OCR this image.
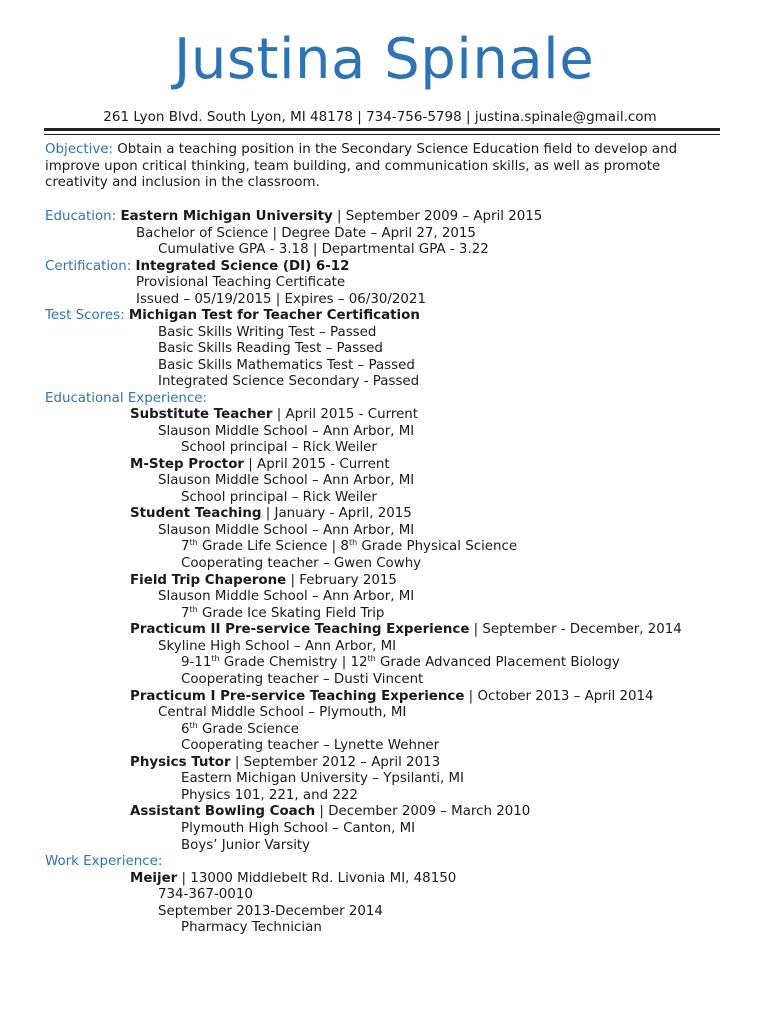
Justina Spinale
261 Lyon Blvd. South Lyon, MI 48178 | 734-756-5798 | justina.spinale@gmail.com
Objective: Obtain a teaching position in the Secondary Science Education field to develop and improve upon critical thinking, team building, and communication skills, as well as promote creativity and inclusion in the classroom.
Education: Eastern Michigan University | September 2009 – April 2015
Bachelor of Science | Degree Date – April 27, 2015
Cumulative GPA - 3.18 | Departmental GPA - 3.22
Certification: Integrated Science (DI) 6-12
Provisional Teaching Certificate
Issued – 05/19/2015 | Expires – 06/30/2021
Test Scores: Michigan Test for Teacher Certification
Basic Skills Writing Test – Passed
Basic Skills Reading Test – Passed
Basic Skills Mathematics Test – Passed
Integrated Science Secondary - Passed
Educational Experience:
Substitute Teacher | April 2015 - Current
Slauson Middle School – Ann Arbor, MI
School principal – Rick Weiler
M-Step Proctor | April 2015 - Current
Slauson Middle School – Ann Arbor, MI
School principal – Rick Weiler
Student Teaching | January - April, 2015
Slauson Middle School – Ann Arbor, MI
7th Grade Life Science | 8th Grade Physical Science
Cooperating teacher – Gwen Cowhy
Field Trip Chaperone | February 2015
Slauson Middle School – Ann Arbor, MI
7th Grade Ice Skating Field Trip
Practicum II Pre-service Teaching Experience | September - December, 2014
Skyline High School – Ann Arbor, MI
9-11th Grade Chemistry | 12th Grade Advanced Placement Biology
Cooperating teacher – Dusti Vincent
Practicum I Pre-service Teaching Experience | October 2013 – April 2014
Central Middle School – Plymouth, MI
6th Grade Science
Cooperating teacher – Lynette Wehner
Physics Tutor | September 2012 – April 2013
Eastern Michigan University – Ypsilanti, MI
Physics 101, 221, and 222
Assistant Bowling Coach | December 2009 – March 2010
Plymouth High School – Canton, MI
Boys’ Junior Varsity
Work Experience:
Meijer | 13000 Middlebelt Rd. Livonia MI, 48150
734-367-0010
September 2013-December 2014
Pharmacy Technician
